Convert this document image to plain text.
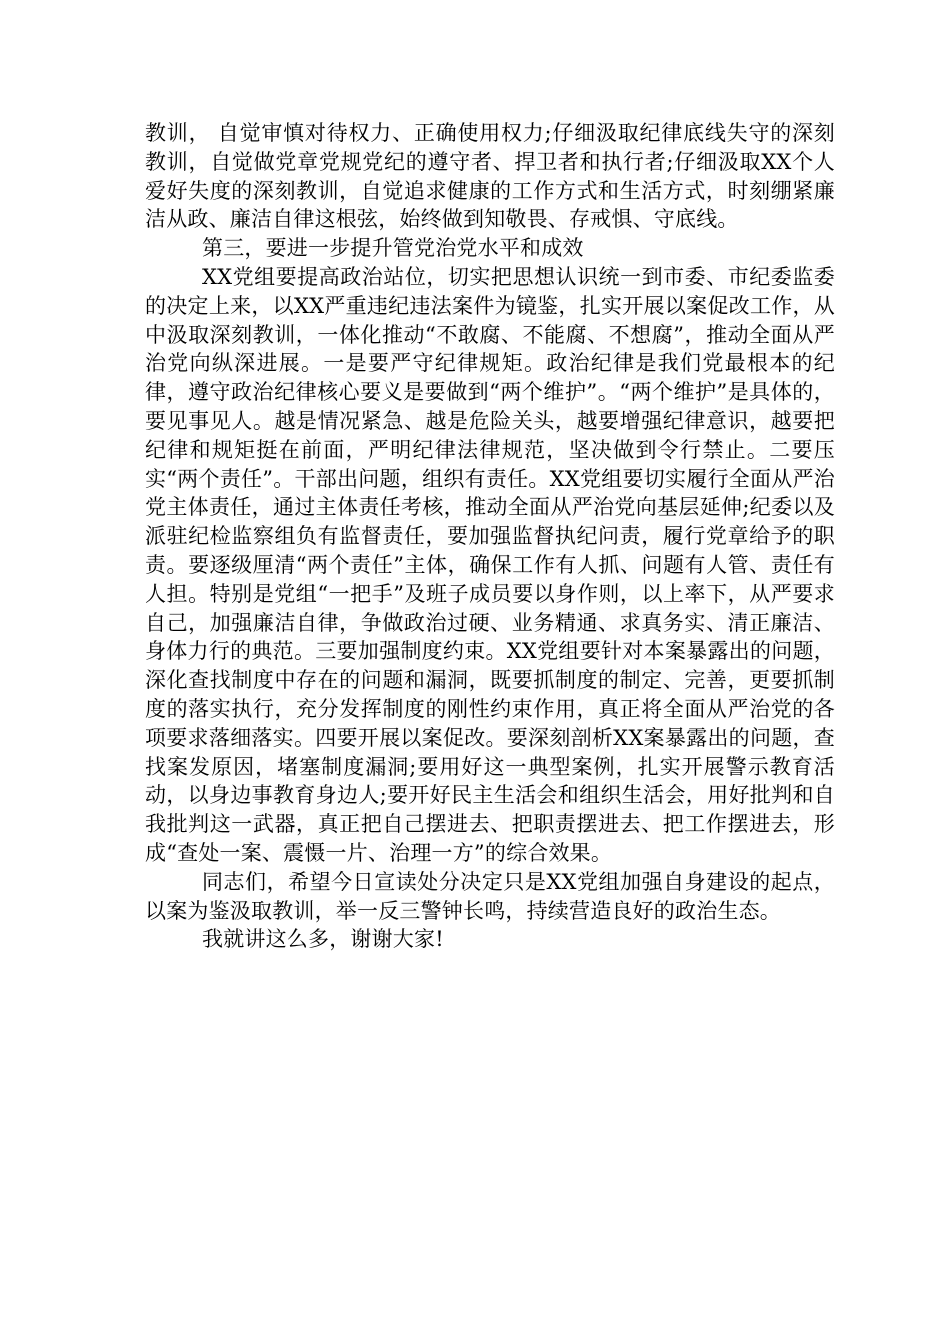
教训， 自觉审慎对待权力、正确使用权力;仔细汲取纪律底线失守的深刻教训，自觉做党章党规党纪的遵守者、捍卫者和执行者;仔细汲取XX个人爱好失度的深刻教训，自觉追求健康的工作方式和生活方式，时刻绷紧廉洁从政、廉洁自律这根弦，始终做到知敬畏、存戒惧、守底线。

第三，要进一步提升管党治党水平和成效

XX党组要提高政治站位，切实把思想认识统一到市委、市纪委监委的决定上来，以XX严重违纪违法案件为镜鉴，扎实开展以案促改工作，从中汲取深刻教训，一体化推动“不敢腐、不能腐、不想腐”，推动全面从严治党向纵深进展。一是要严守纪律规矩。政治纪律是我们党最根本的纪律，遵守政治纪律核心要义是要做到“两个维护”。“两个维护”是具体的，要见事见人。越是情况紧急、越是危险关头，越要增强纪律意识，越要把纪律和规矩挺在前面，严明纪律法律规范，坚决做到令行禁止。二要压实“两个责任”。干部出问题，组织有责任。XX党组要切实履行全面从严治党主体责任，通过主体责任考核，推动全面从严治党向基层延伸;纪委以及派驻纪检监察组负有监督责任，要加强监督执纪问责，履行党章给予的职责。要逐级厘清“两个责任”主体，确保工作有人抓、问题有人管、责任有人担。特别是党组“一把手”及班子成员要以身作则，以上率下，从严要求自己，加强廉洁自律，争做政治过硬、业务精通、求真务实、清正廉洁、身体力行的典范。三要加强制度约束。XX党组要针对本案暴露出的问题，深化查找制度中存在的问题和漏洞，既要抓制度的制定、完善，更要抓制度的落实执行，充分发挥制度的刚性约束作用，真正将全面从严治党的各项要求落细落实。四要开展以案促改。要深刻剖析XX案暴露出的问题，查找案发原因，堵塞制度漏洞;要用好这一典型案例，扎实开展警示教育活动，以身边事教育身边人;要开好民主生活会和组织生活会，用好批判和自我批判这一武器，真正把自己摆进去、把职责摆进去、把工作摆进去，形成“查处一案、震慑一片、治理一方”的综合效果。

同志们，希望今日宣读处分决定只是XX党组加强自身建设的起点，以案为鉴汲取教训，举一反三警钟长鸣，持续营造良好的政治生态。

我就讲这么多，谢谢大家!
